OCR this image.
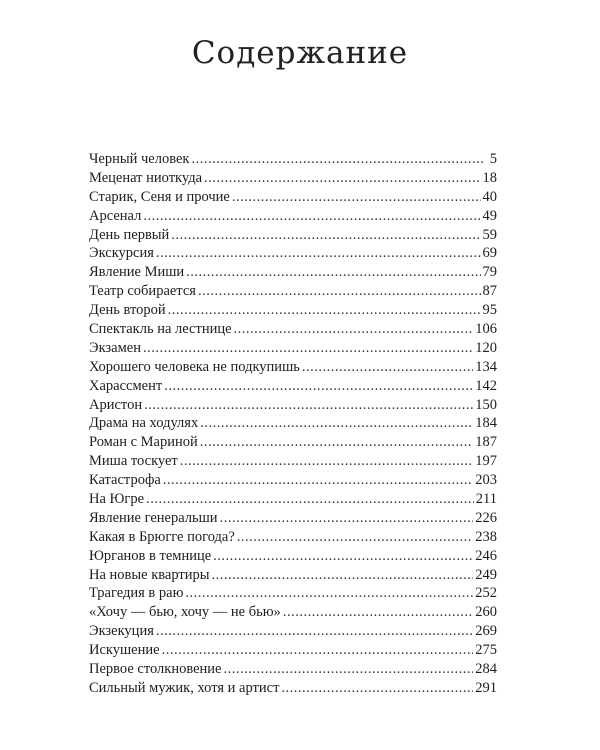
Содержание
Черный человек .....	5
Меценат ниоткуда .....	18
Старик, Сеня и прочие .....	40
Арсенал .....	49
День первый .....	59
Экскурсия .....	69
Явление Миши .....	79
Театр собирается .....	87
День второй .....	95
Спектакль на лестнице .....	106
Экзамен .....	120
Хорошего человека не подкупишь .....	134
Харассмент .....	142
Аристон .....	150
Драма на ходулях .....	184
Роман с Мариной .....	187
Миша тоскует .....	197
Катастрофа .....	203
На Югре .....	211
Явление генеральши .....	226
Какая в Брюгге погода? .....	238
Юрганов в темнице .....	246
На новые квартиры .....	249
Трагедия в раю .....	252
«Хочу — бью, хочу — не бью» .....	260
Экзекуция .....	269
Искушение .....	275
Первое столкновение .....	284
Сильный мужик, хотя и артист .....	291
